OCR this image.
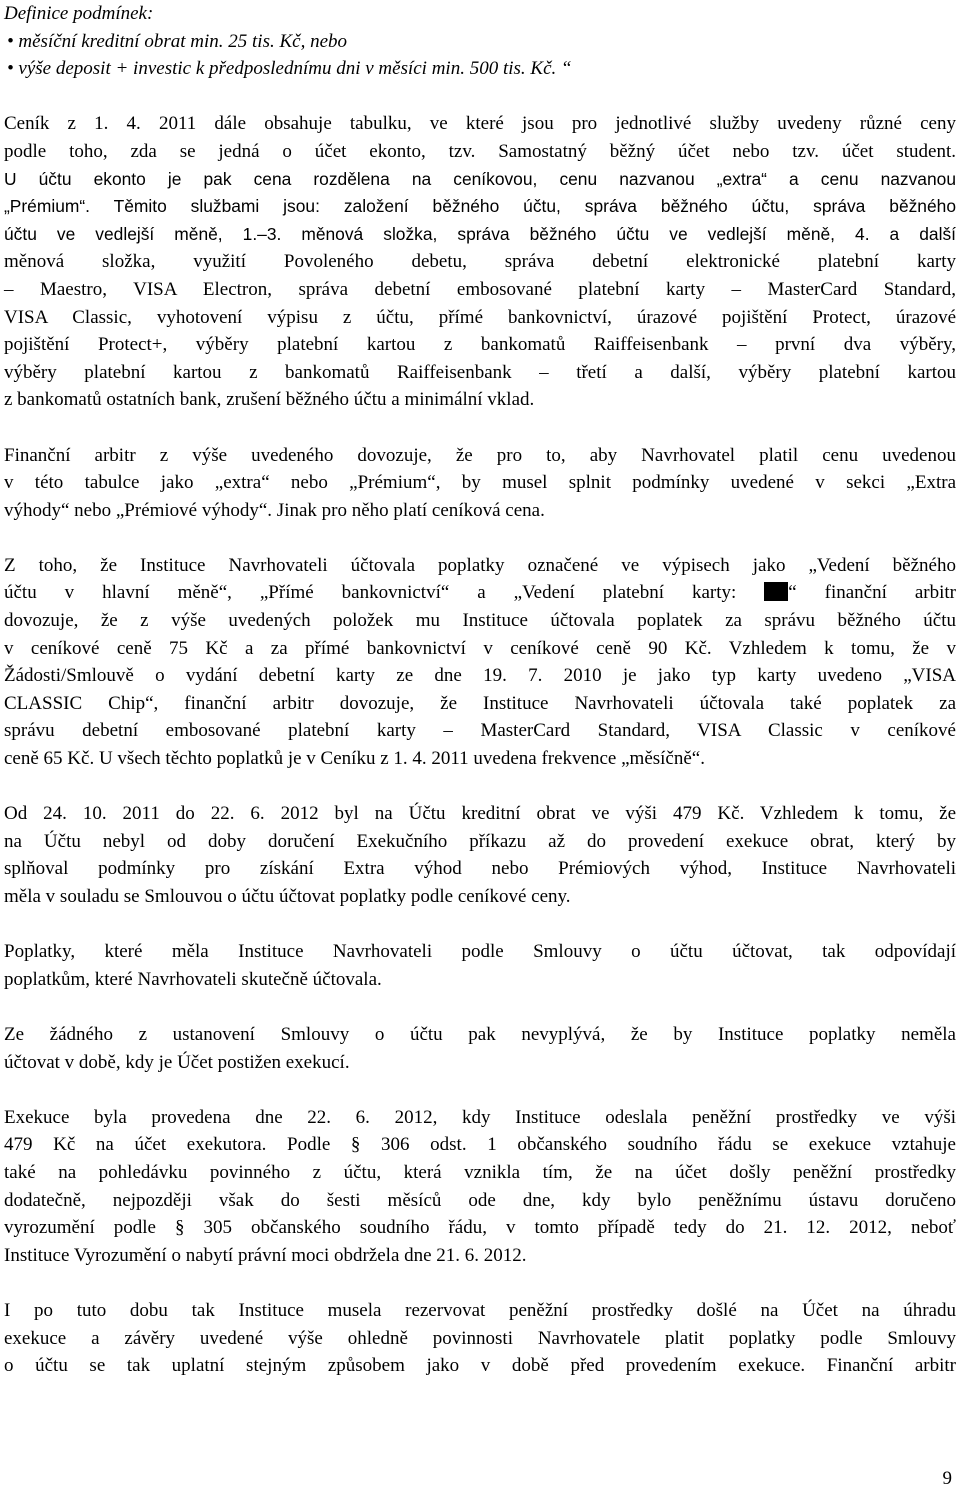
Definice podmínek:
• měsíční kreditní obrat min. 25 tis. Kč, nebo
• výše deposit + investic k předposlednímu dni v měsíci min. 500 tis. Kč. “
Ceník z 1. 4. 2011 dále obsahuje tabulku, ve které jsou pro jednotlivé služby uvedeny různé ceny
podle toho, zda se jedná o účet ekonto, tzv. Samostatný běžný účet nebo tzv. účet student.
U účtu ekonto je pak cena rozdělena na ceníkovou, cenu nazvanou „extra“ a cenu nazvanou
„Prémium“. Těmito službami jsou: založení běžného účtu, správa běžného účtu, správa běžného
účtu ve vedlejší měně, 1.–3. měnová složka, správa běžného účtu ve vedlejší měně, 4. a další
měnová složka, využití Povoleného debetu, správa debetní elektronické platební karty
– Maestro, VISA Electron, správa debetní embosované platební karty – MasterCard Standard,
VISA Classic, vyhotovení výpisu z účtu, přímé bankovnictví, úrazové pojištění Protect, úrazové
pojištění Protect+, výběry platební kartou z bankomatů Raiffeisenbank – první dva výběry,
výběry platební kartou z bankomatů Raiffeisenbank – třetí a další, výběry platební kartou
z bankomatů ostatních bank, zrušení běžného účtu a minimální vklad.
Finanční arbitr z výše uvedeného dovozuje, že pro to, aby Navrhovatel platil cenu uvedenou
v této tabulce jako „extra“ nebo „Prémium“, by musel splnit podmínky uvedené v sekci „Extra
výhody“ nebo „Prémiové výhody“. Jinak pro něho platí ceníková cena.
Z toho, že Instituce Navrhovateli účtovala poplatky označené ve výpisech jako „Vedení běžného
účtu v hlavní měně“, „Přímé bankovnictví“ a „Vedení platební karty: “ finanční arbitr
dovozuje, že z výše uvedených položek mu Instituce účtovala poplatek za správu běžného účtu
v ceníkové ceně 75 Kč a za přímé bankovnictví v ceníkové ceně 90 Kč. Vzhledem k tomu, že v
Žádosti/Smlouvě o vydání debetní karty ze dne 19. 7. 2010 je jako typ karty uvedeno „VISA
CLASSIC Chip“, finanční arbitr dovozuje, že Instituce Navrhovateli účtovala také poplatek za
správu debetní embosované platební karty – MasterCard Standard, VISA Classic v ceníkové
ceně 65 Kč. U všech těchto poplatků je v Ceníku z 1. 4. 2011 uvedena frekvence „měsíčně“.
Od 24. 10. 2011 do 22. 6. 2012 byl na Účtu kreditní obrat ve výši 479 Kč. Vzhledem k tomu, že
na Účtu nebyl od doby doručení Exekučního příkazu až do provedení exekuce obrat, který by
splňoval podmínky pro získání Extra výhod nebo Prémiových výhod, Instituce Navrhovateli
měla v souladu se Smlouvou o účtu účtovat poplatky podle ceníkové ceny.
Poplatky, které měla Instituce Navrhovateli podle Smlouvy o účtu účtovat, tak odpovídají
poplatkům, které Navrhovateli skutečně účtovala.
Ze žádného z ustanovení Smlouvy o účtu pak nevyplývá, že by Instituce poplatky neměla
účtovat v době, kdy je Účet postižen exekucí.
Exekuce byla provedena dne 22. 6. 2012, kdy Instituce odeslala peněžní prostředky ve výši
479 Kč na účet exekutora. Podle § 306 odst. 1 občanského soudního řádu se exekuce vztahuje
také na pohledávku povinného z účtu, která vznikla tím, že na účet došly peněžní prostředky
dodatečně, nejpozději však do šesti měsíců ode dne, kdy bylo peněžnímu ústavu doručeno
vyrozumění podle § 305 občanského soudního řádu, v tomto případě tedy do 21. 12. 2012, neboť
Instituce Vyrozumění o nabytí právní moci obdržela dne 21. 6. 2012.
I po tuto dobu tak Instituce musela rezervovat peněžní prostředky došlé na Účet na úhradu
exekuce a závěry uvedené výše ohledně povinnosti Navrhovatele platit poplatky podle Smlouvy
o účtu se tak uplatní stejným způsobem jako v době před provedením exekuce. Finanční arbitr
9
